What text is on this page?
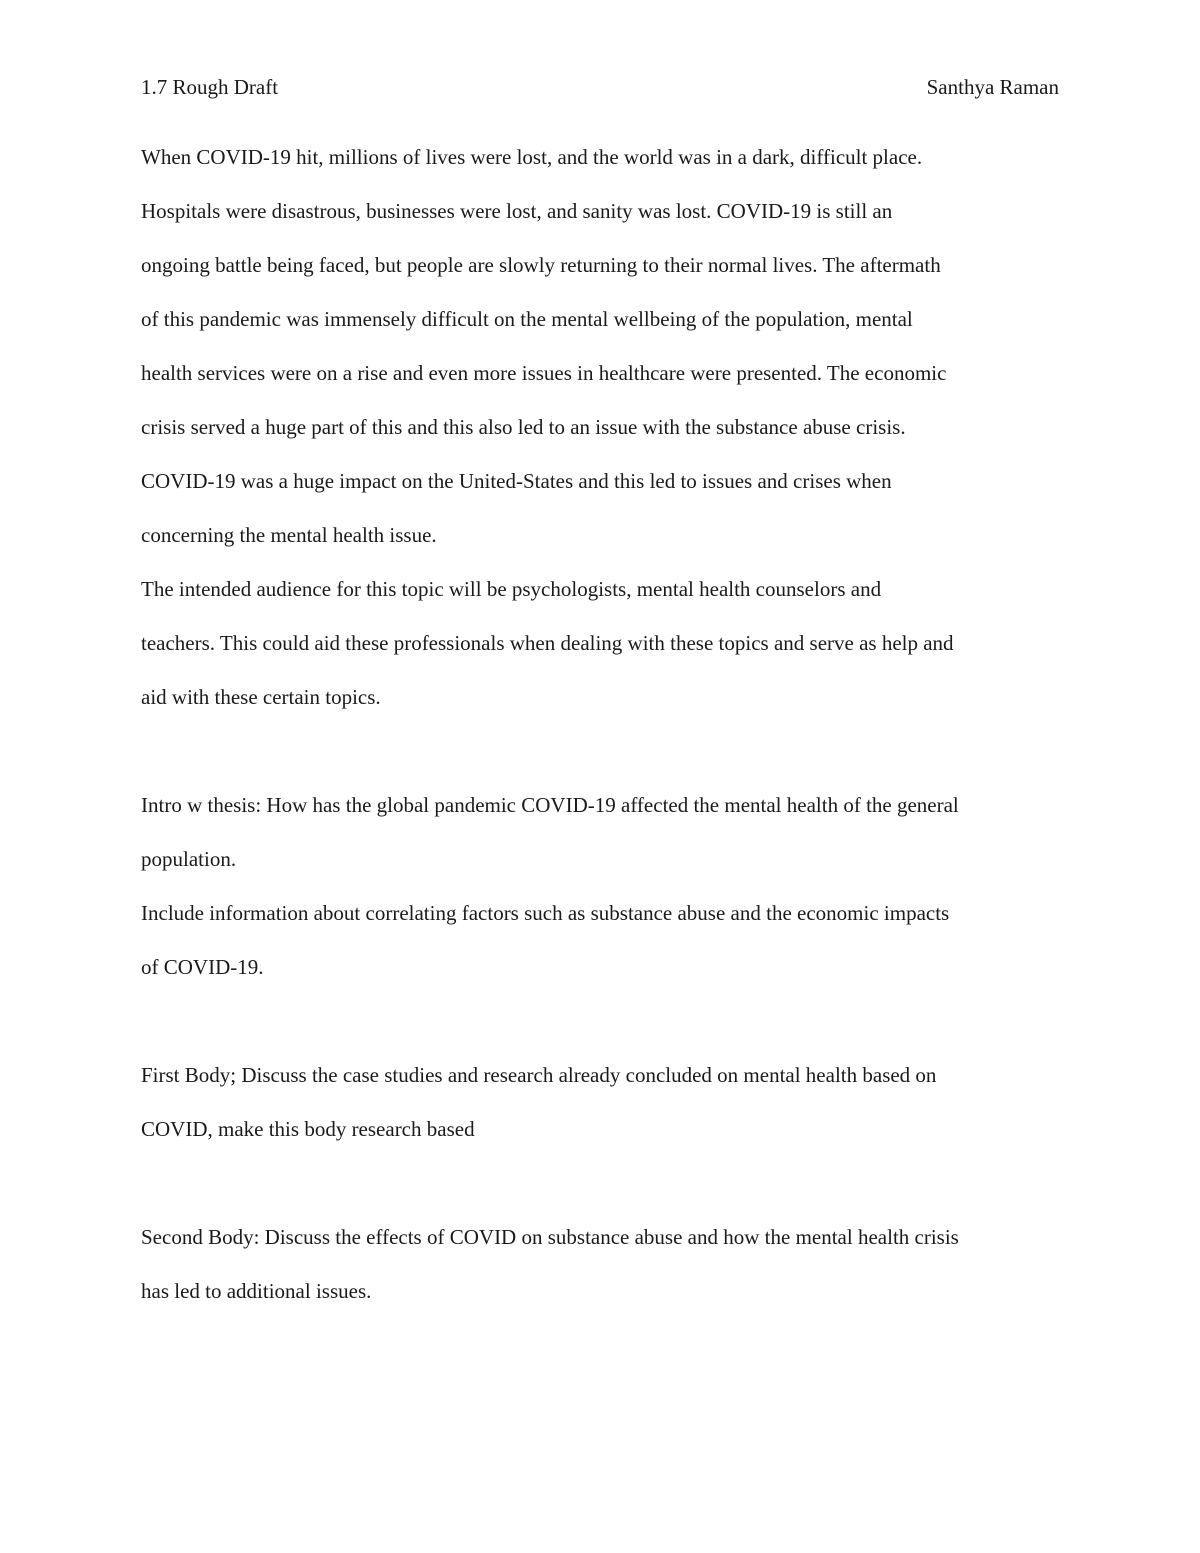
1.7 Rough Draft	Santhya Raman
When COVID-19 hit, millions of lives were lost, and the world was in a dark, difficult place.
Hospitals were disastrous, businesses were lost, and sanity was lost. COVID-19 is still an
ongoing battle being faced, but people are slowly returning to their normal lives. The aftermath
of this pandemic was immensely difficult on the mental wellbeing of the population, mental
health services were on a rise and even more issues in healthcare were presented. The economic
crisis served a huge part of this and this also led to an issue with the substance abuse crisis.
COVID-19 was a huge impact on the United-States and this led to issues and crises when
concerning the mental health issue.
The intended audience for this topic will be psychologists, mental health counselors and
teachers. This could aid these professionals when dealing with these topics and serve as help and
aid with these certain topics.
Intro w thesis: How has the global pandemic COVID-19 affected the mental health of the general
population.
Include information about correlating factors such as substance abuse and the economic impacts
of COVID-19.
First Body; Discuss the case studies and research already concluded on mental health based on
COVID, make this body research based
Second Body: Discuss the effects of COVID on substance abuse and how the mental health crisis
has led to additional issues.
